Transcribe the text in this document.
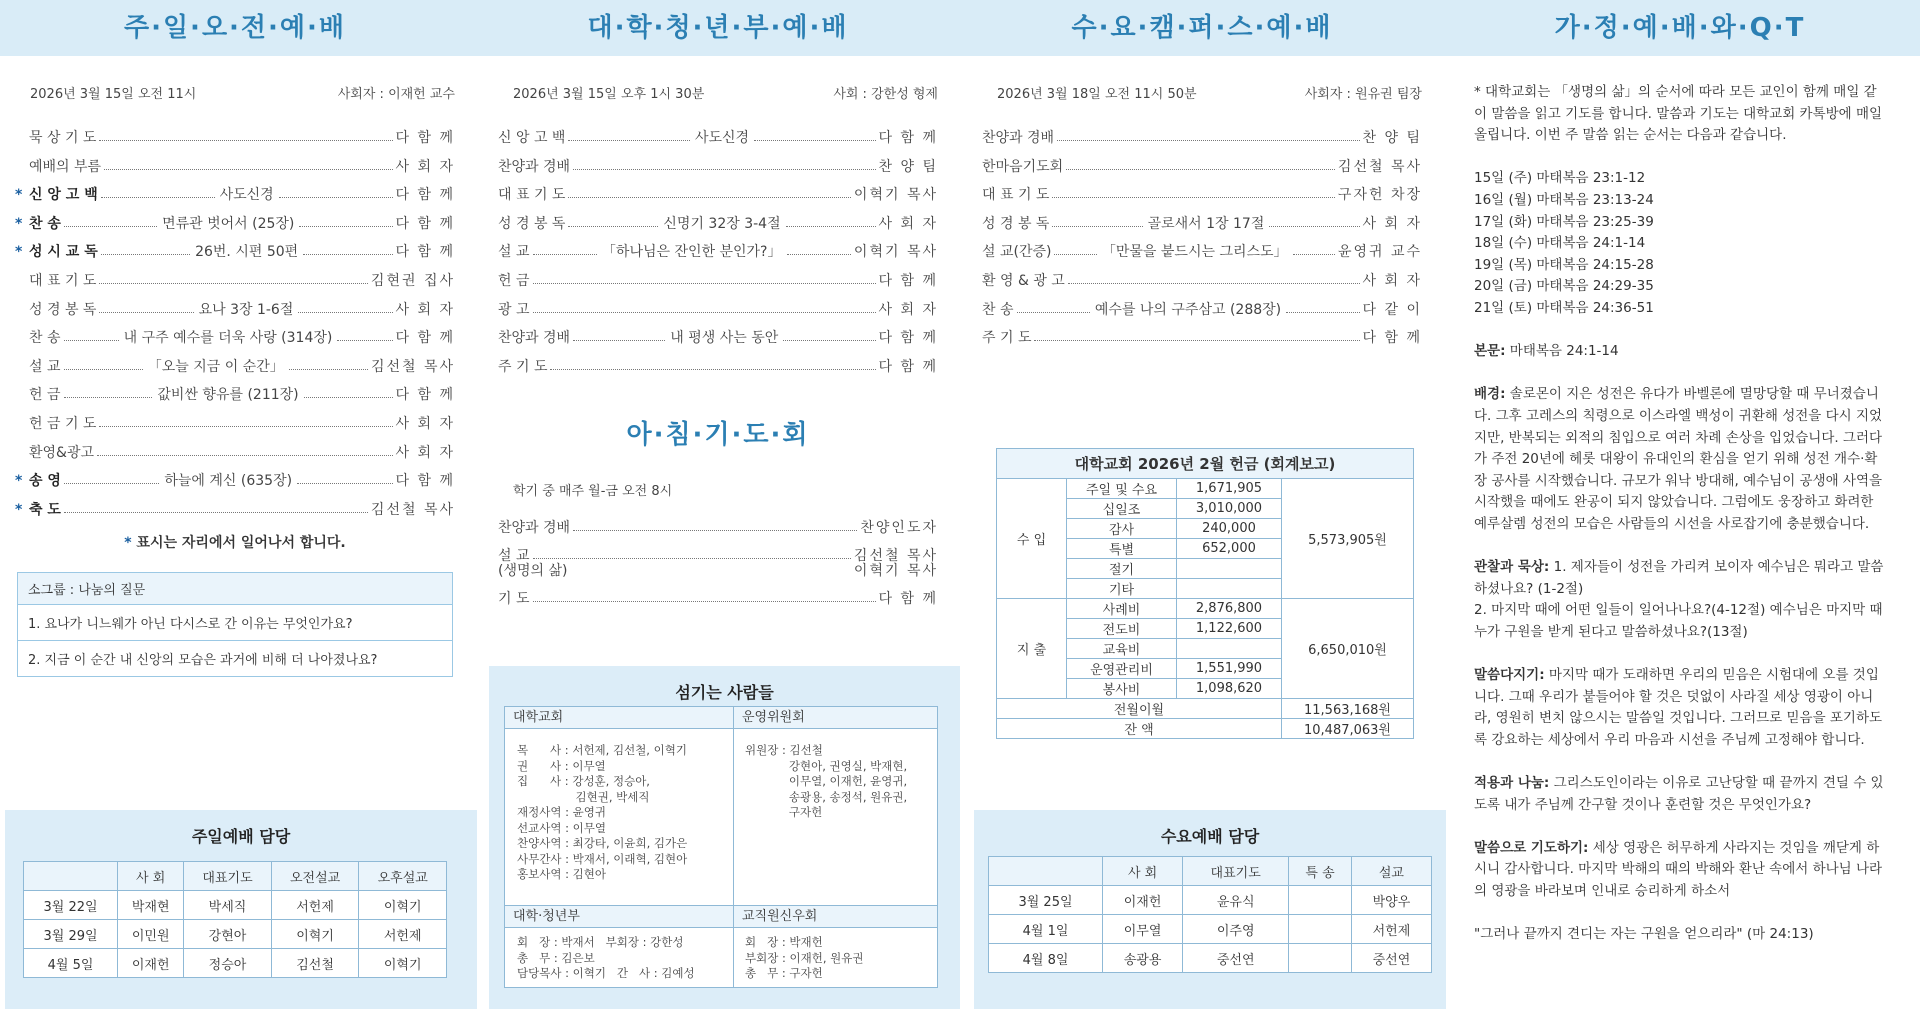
주·일·오·전·예·배	대·학·청·년·부·예·배	수·요·캠·퍼·스·예·배	가·정·예·배·와·Q·T
2026년 3월 15일 오전 11시	사회자 : 이재헌 교수
묵 상 기 도	다 함 께
예배의 부름	사 회 자
* 신 앙 고 백	사도신경	다 함 께
* 찬 송	면류관 벗어서 (25장)	다 함 께
* 성 시 교 독	26번. 시편 50편	다 함 께
대 표 기 도	김현권 집사
성 경 봉 독	요나 3장 1-6절	사 회 자
찬 송	내 구주 예수를 더욱 사랑 (314장)	다 함 께
설 교	「오늘 지금 이 순간」	김선철 목사
헌 금	값비싼 향유를 (211장)	다 함 께
헌 금 기 도	사 회 자
환영&광고	사 회 자
* 송 영	하늘에 계신 (635장)	다 함 께
* 축 도	김선철 목사
* 표시는 자리에서 일어나서 합니다.
소그룹 : 나눔의 질문
1. 요나가 니느웨가 아닌 다시스로 간 이유는 무엇인가요?
2. 지금 이 순간 내 신앙의 모습은 과거에 비해 더 나아졌나요?
주일예배 담당
	사 회	대표기도	오전설교	오후설교
3월 22일	박재현	박세직	서헌제	이혁기
3월 29일	이민원	강현아	이혁기	서헌제
4월 5일	이재헌	정승아	김선철	이혁기
2026년 3월 15일 오후 1시 30분	사회 : 강한성 형제
신 앙 고 백	사도신경	다 함 께
찬양과 경배	찬 양 팀
대 표 기 도	이혁기 목사
성 경 봉 독	신명기 32장 3-4절	사 회 자
설 교	「하나님은 잔인한 분인가?」	이혁기 목사
헌 금	다 함 께
광 고	사 회 자
찬양과 경배	내 평생 사는 동안	다 함 께
주 기 도	다 함 께
아·침·기·도·회
학기 중 매주 월-금 오전 8시
찬양과 경배	찬양인도자
설 교	김선철 목사
(생명의 삶)	이혁기 목사
기 도	다 함 께
섬기는 사람들
대학교회	운영위원회
목      사 : 서헌제, 김선철, 이혁기
권      사 : 이무열
집      사 : 강성훈, 정승아,
김현권, 박세직
재정사역 : 윤영귀
선교사역 : 이무열
찬양사역 : 최강타, 이윤희, 김가은
사무간사 : 박재서, 이래혁, 김현아
홍보사역 : 김현아
위원장 : 김선철
강현아, 권영실, 박재현,
이무열, 이재헌, 윤영귀,
송광용, 송정석, 원유권,
구자헌
대학·청년부	교직원신우회
회   장 : 박재서   부회장 : 강한성
총   무 : 김은보
담당목사 : 이혁기   간   사 : 김예성
회   장 : 박재헌
부회장 : 이재헌, 원유권
총   무 : 구자헌
2026년 3월 18일 오전 11시 50분	사회자 : 원유권 팀장
찬양과 경배	찬 양 팀
한마음기도회	김선철 목사
대 표 기 도	구자헌 차장
성 경 봉 독	골로새서 1장 17절	사 회 자
설 교(간증)	「만물을 붙드시는 그리스도」	윤영귀 교수
환 영 & 광 고	사 회 자
찬 송	예수를 나의 구주삼고 (288장)	다 같 이
주 기 도	다 함 께
대학교회 2026년 2월 헌금 (회계보고)			
수 입	주일 및 수요	1,671,905	5,573,905원
	십일조	3,010,000	
	감사	240,000	
	특별	652,000	
	절기		
	기타		
지 출	사례비	2,876,800	6,650,010원
	전도비	1,122,600	
	교육비		
	운영관리비	1,551,990	
	봉사비	1,098,620	
전월이월			11,563,168원
잔 액			10,487,063원
수요예배 담당
	사 회	대표기도	특 송	설교
3월 25일	이재헌	윤유식		박양우
4월 1일	이무열	이주영		서헌제
4월 8일	송광용	중선연		중선연

* 대학교회는 「생명의 삶」의 순서에 따라 모든 교인이 함께 매일 같이 말씀을 읽고 기도를 합니다. 말씀과 기도는 대학교회 카톡방에 매일 올립니다. 이번 주 말씀 읽는 순서는 다음과 같습니다.

15일 (주) 마태복음 23:1-12
16일 (월) 마태복음 23:13-24
17일 (화) 마태복음 23:25-39
18일 (수) 마태복음 24:1-14
19일 (목) 마태복음 24:15-28
20일 (금) 마태복음 24:29-35
21일 (토) 마태복음 24:36-51

본문: 마태복음 24:1-14

배경: 솔로몬이 지은 성전은 유다가 바벨론에 멸망당할 때 무너졌습니다. 그후 고레스의 칙령으로 이스라엘 백성이 귀환해 성전을 다시 지었지만, 반복되는 외적의 침입으로 여러 차례 손상을 입었습니다. 그러다가 주전 20년에 헤롯 대왕이 유대인의 환심을 얻기 위해 성전 개수·확장 공사를 시작했습니다. 규모가 워낙 방대해, 예수님이 공생애 사역을 시작했을 때에도 완공이 되지 않았습니다. 그럼에도 웅장하고 화려한 예루살렘 성전의 모습은 사람들의 시선을 사로잡기에 충분했습니다.

관찰과 묵상: 1. 제자들이 성전을 가리켜 보이자 예수님은 뭐라고 말씀하셨나요? (1-2절)
2. 마지막 때에 어떤 일들이 일어나나요?(4-12절) 예수님은 마지막 때 누가 구원을 받게 된다고 말씀하셨나요?(13절)

말씀다지기: 마지막 때가 도래하면 우리의 믿음은 시험대에 오를 것입니다. 그때 우리가 붙들어야 할 것은 덧없이 사라질 세상 영광이 아니라, 영원히 변치 않으시는 말씀일 것입니다. 그러므로 믿음을 포기하도록 강요하는 세상에서 우리 마음과 시선을 주님께 고정해야 합니다.

적용과 나눔: 그리스도인이라는 이유로 고난당할 때 끝까지 견딜 수 있도록 내가 주님께 간구할 것이나 훈련할 것은 무엇인가요?

말씀으로 기도하기: 세상 영광은 허무하게 사라지는 것임을 깨닫게 하시니 감사합니다. 마지막 박해의 때의 박해와 환난 속에서 하나님 나라의 영광을 바라보며 인내로 승리하게 하소서

"그러나 끝까지 견디는 자는 구원을 얻으리라" (마 24:13)
